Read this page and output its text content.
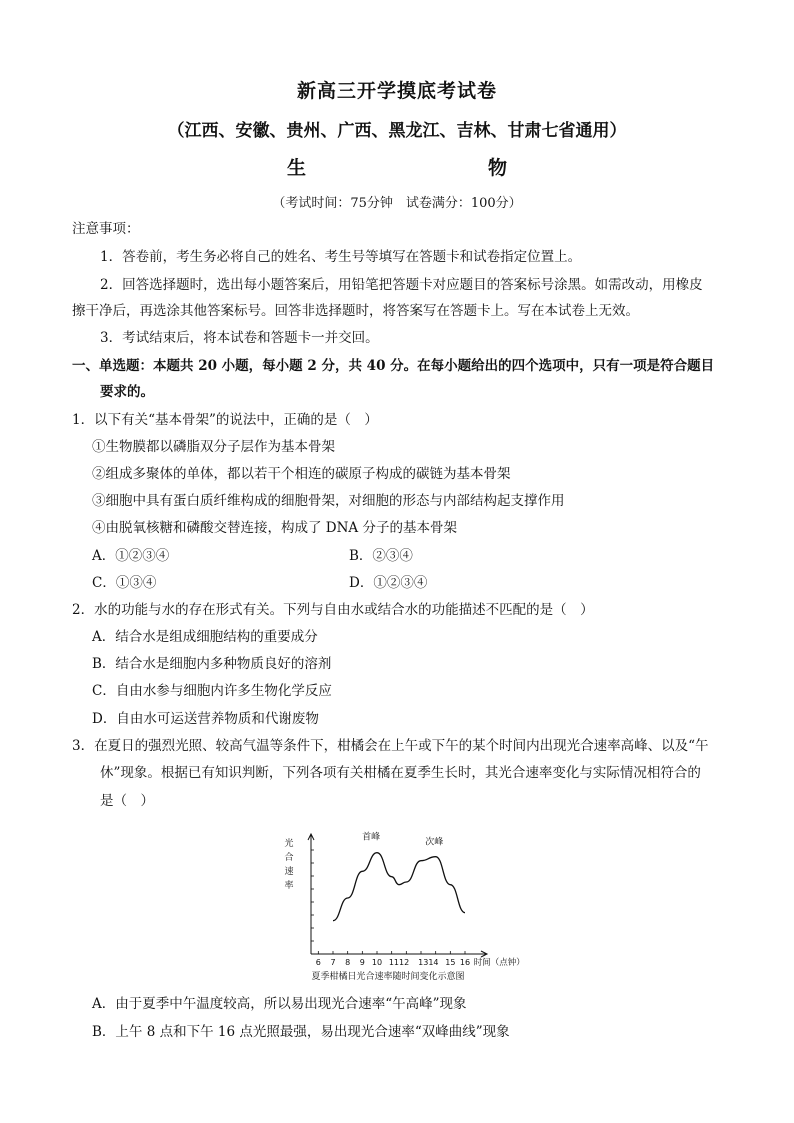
新高三开学摸底考试卷
（江西、安徽、贵州、广西、黑龙江、吉林、甘肃七省通用）
生　　物
（考试时间：75分钟　试卷满分：100分）
注意事项：
1．答卷前，考生务必将自己的姓名、考生号等填写在答题卡和试卷指定位置上。
2．回答选择题时，选出每小题答案后，用铅笔把答题卡对应题目的答案标号涂黑。如需改动，用橡皮
擦干净后，再选涂其他答案标号。回答非选择题时，将答案写在答题卡上。写在本试卷上无效。
3．考试结束后，将本试卷和答题卡一并交回。
一、单选题：本题共 20 小题，每小题 2 分，共 40 分。在每小题给出的四个选项中，只有一项是符合题目
要求的。
1．以下有关“基本骨架”的说法中，正确的是（　）
①生物膜都以磷脂双分子层作为基本骨架
②组成多聚体的单体，都以若干个相连的碳原子构成的碳链为基本骨架
③细胞中具有蛋白质纤维构成的细胞骨架，对细胞的形态与内部结构起支撑作用
④由脱氧核糖和磷酸交替连接，构成了 DNA 分子的基本骨架
A．①②③④	B．②③④
C．①③④	D．①②③④
2．水的功能与水的存在形式有关。下列与自由水或结合水的功能描述不匹配的是（　）
A．结合水是组成细胞结构的重要成分
B．结合水是细胞内多种物质良好的溶剂
C．自由水参与细胞内许多生物化学反应
D．自由水可运送营养物质和代谢废物
3．在夏日的强烈光照、较高气温等条件下，柑橘会在上午或下午的某个时间内出现光合速率高峰、以及“午
休”现象。根据已有知识判断，下列各项有关柑橘在夏季生长时，其光合速率变化与实际情况相符合的
是（　）
6 7 8 9 10 1112 1314 15 16
光
合
速
率
时间（点钟）
首峰
次峰
夏季柑橘日光合速率随时间变化示意图
A．由于夏季中午温度较高，所以易出现光合速率“午高峰”现象
B．上午 8 点和下午 16 点光照最强，易出现光合速率“双峰曲线”现象
